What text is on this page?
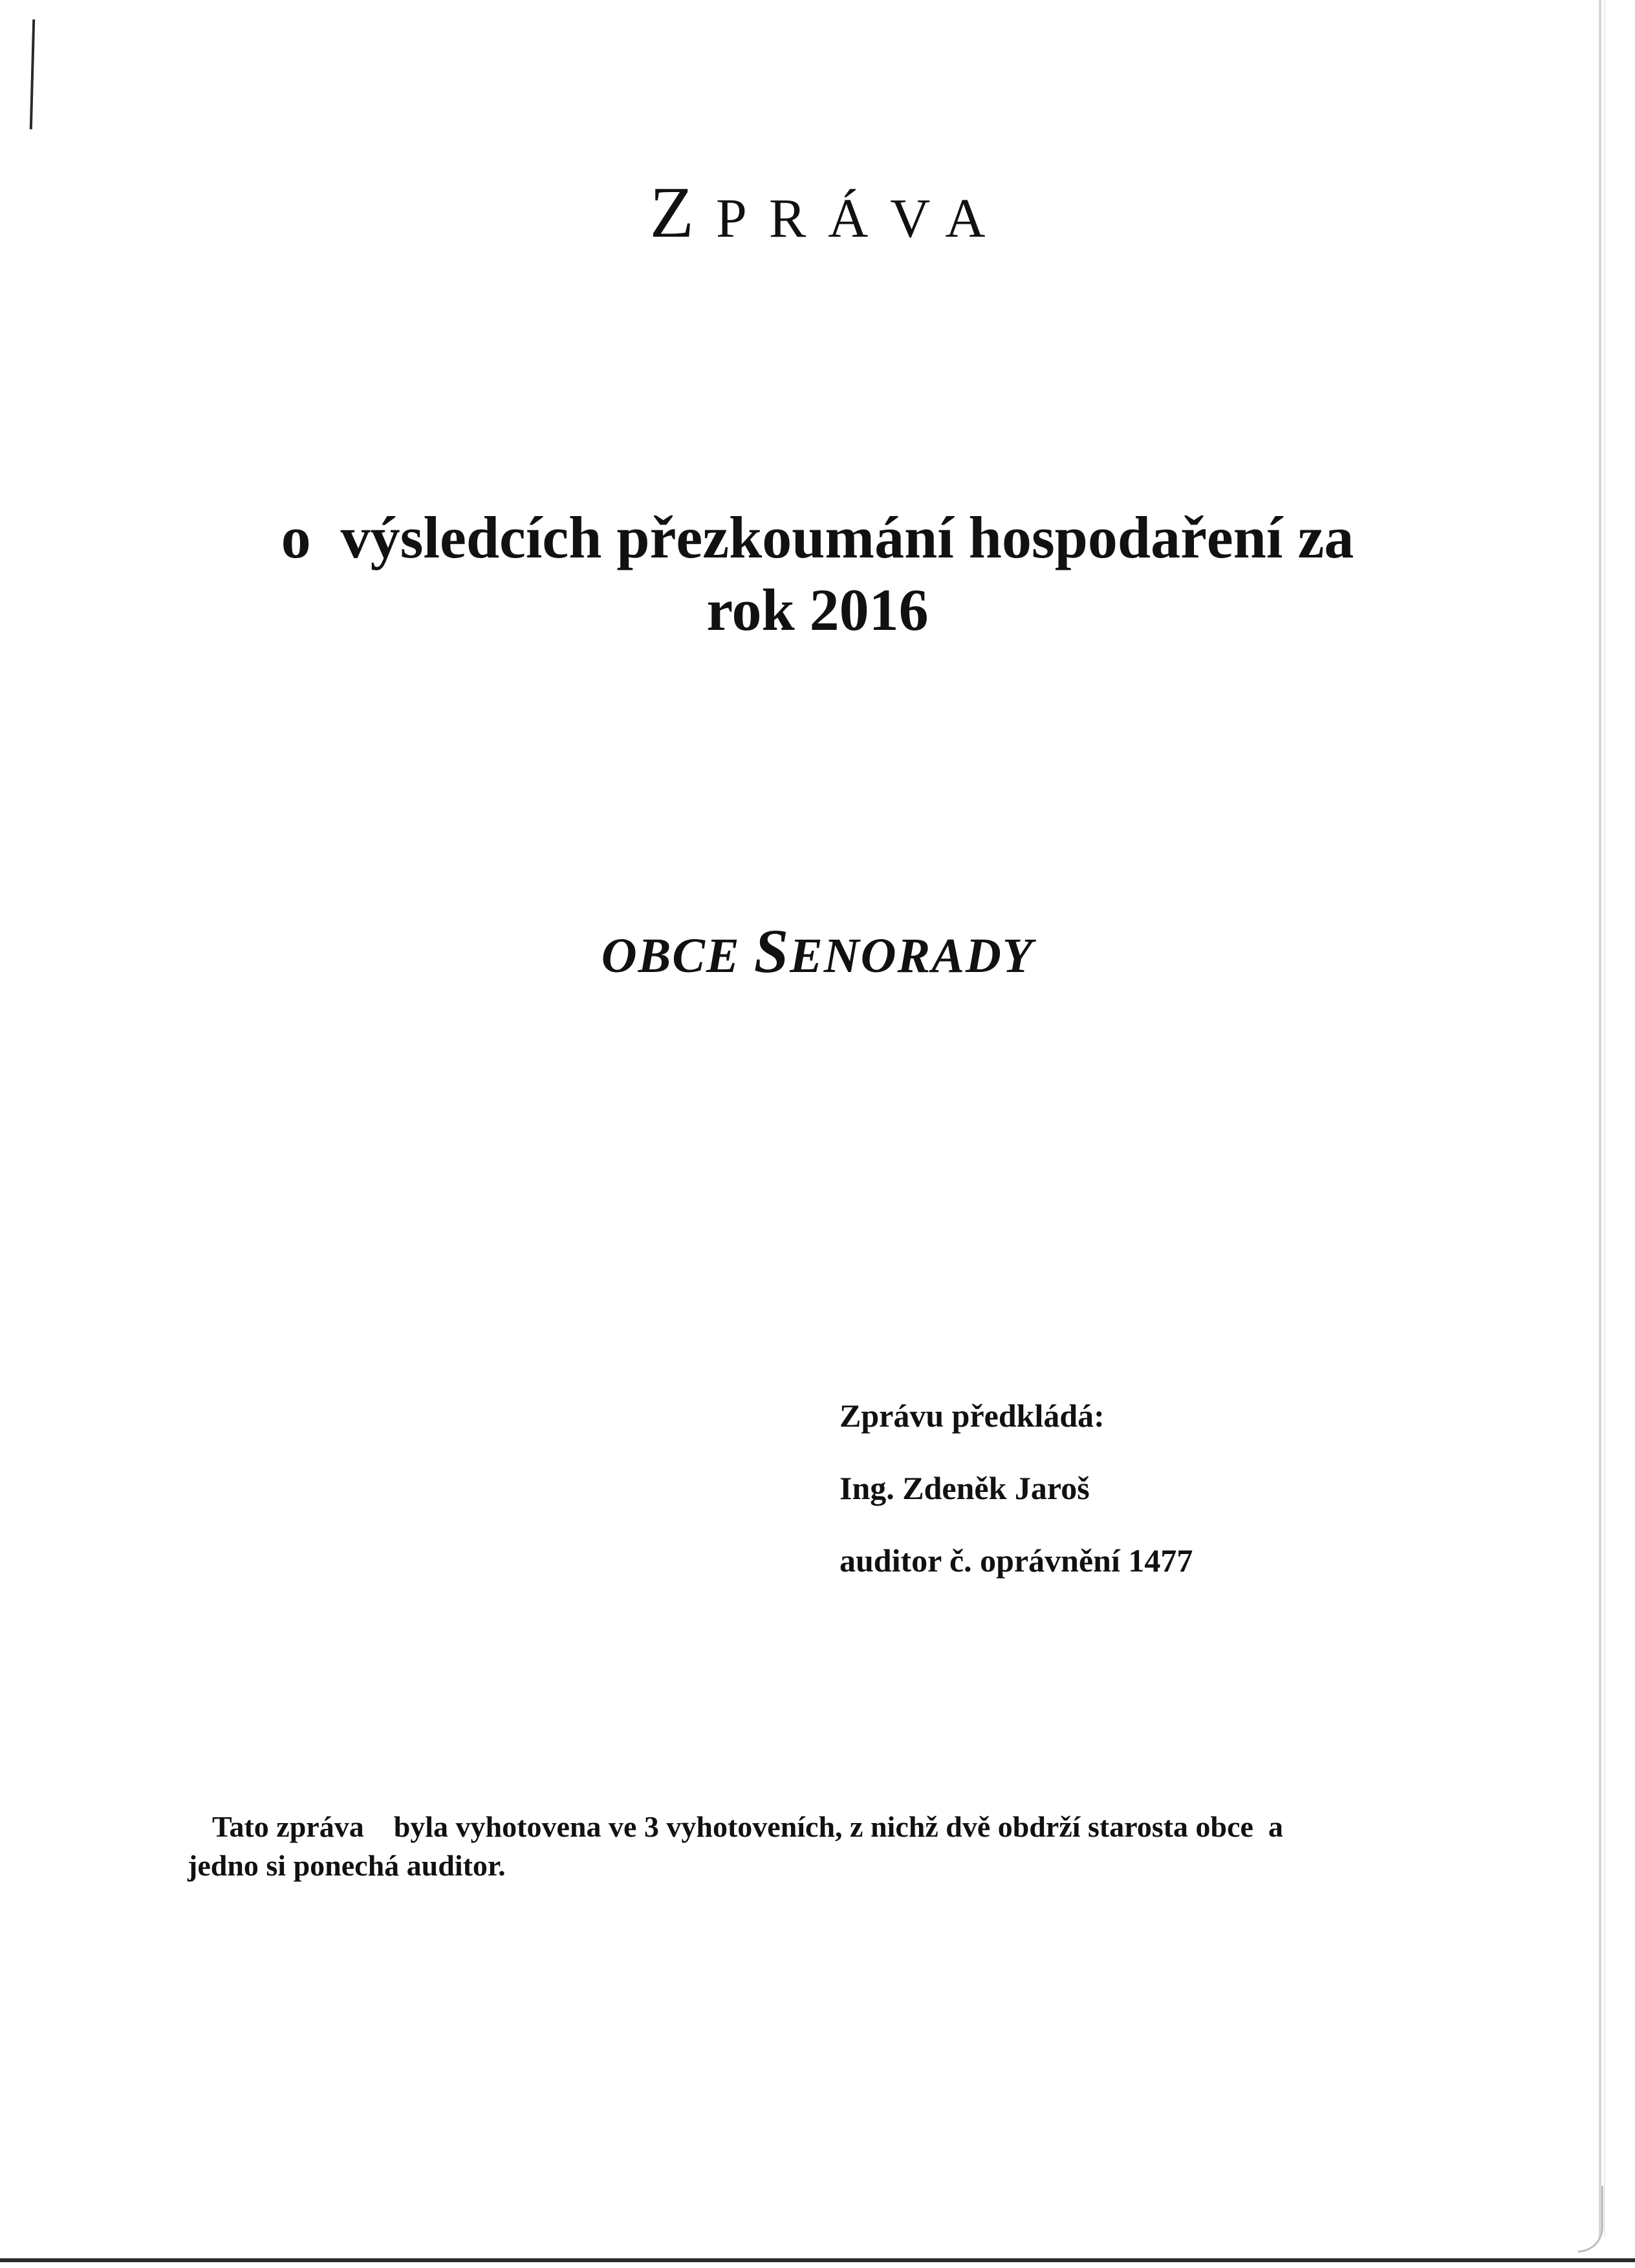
ZPRÁVA
o  výsledcích přezkoumání hospodaření za
rok 2016
OBCE SENORADY
Zprávu předkládá:
Ing. Zdeněk Jaroš
auditor č. oprávnění 1477
Tato zpráva    byla vyhotovena ve 3 vyhotoveních, z nichž dvě obdrží starosta obce  a
jedno si ponechá auditor.
